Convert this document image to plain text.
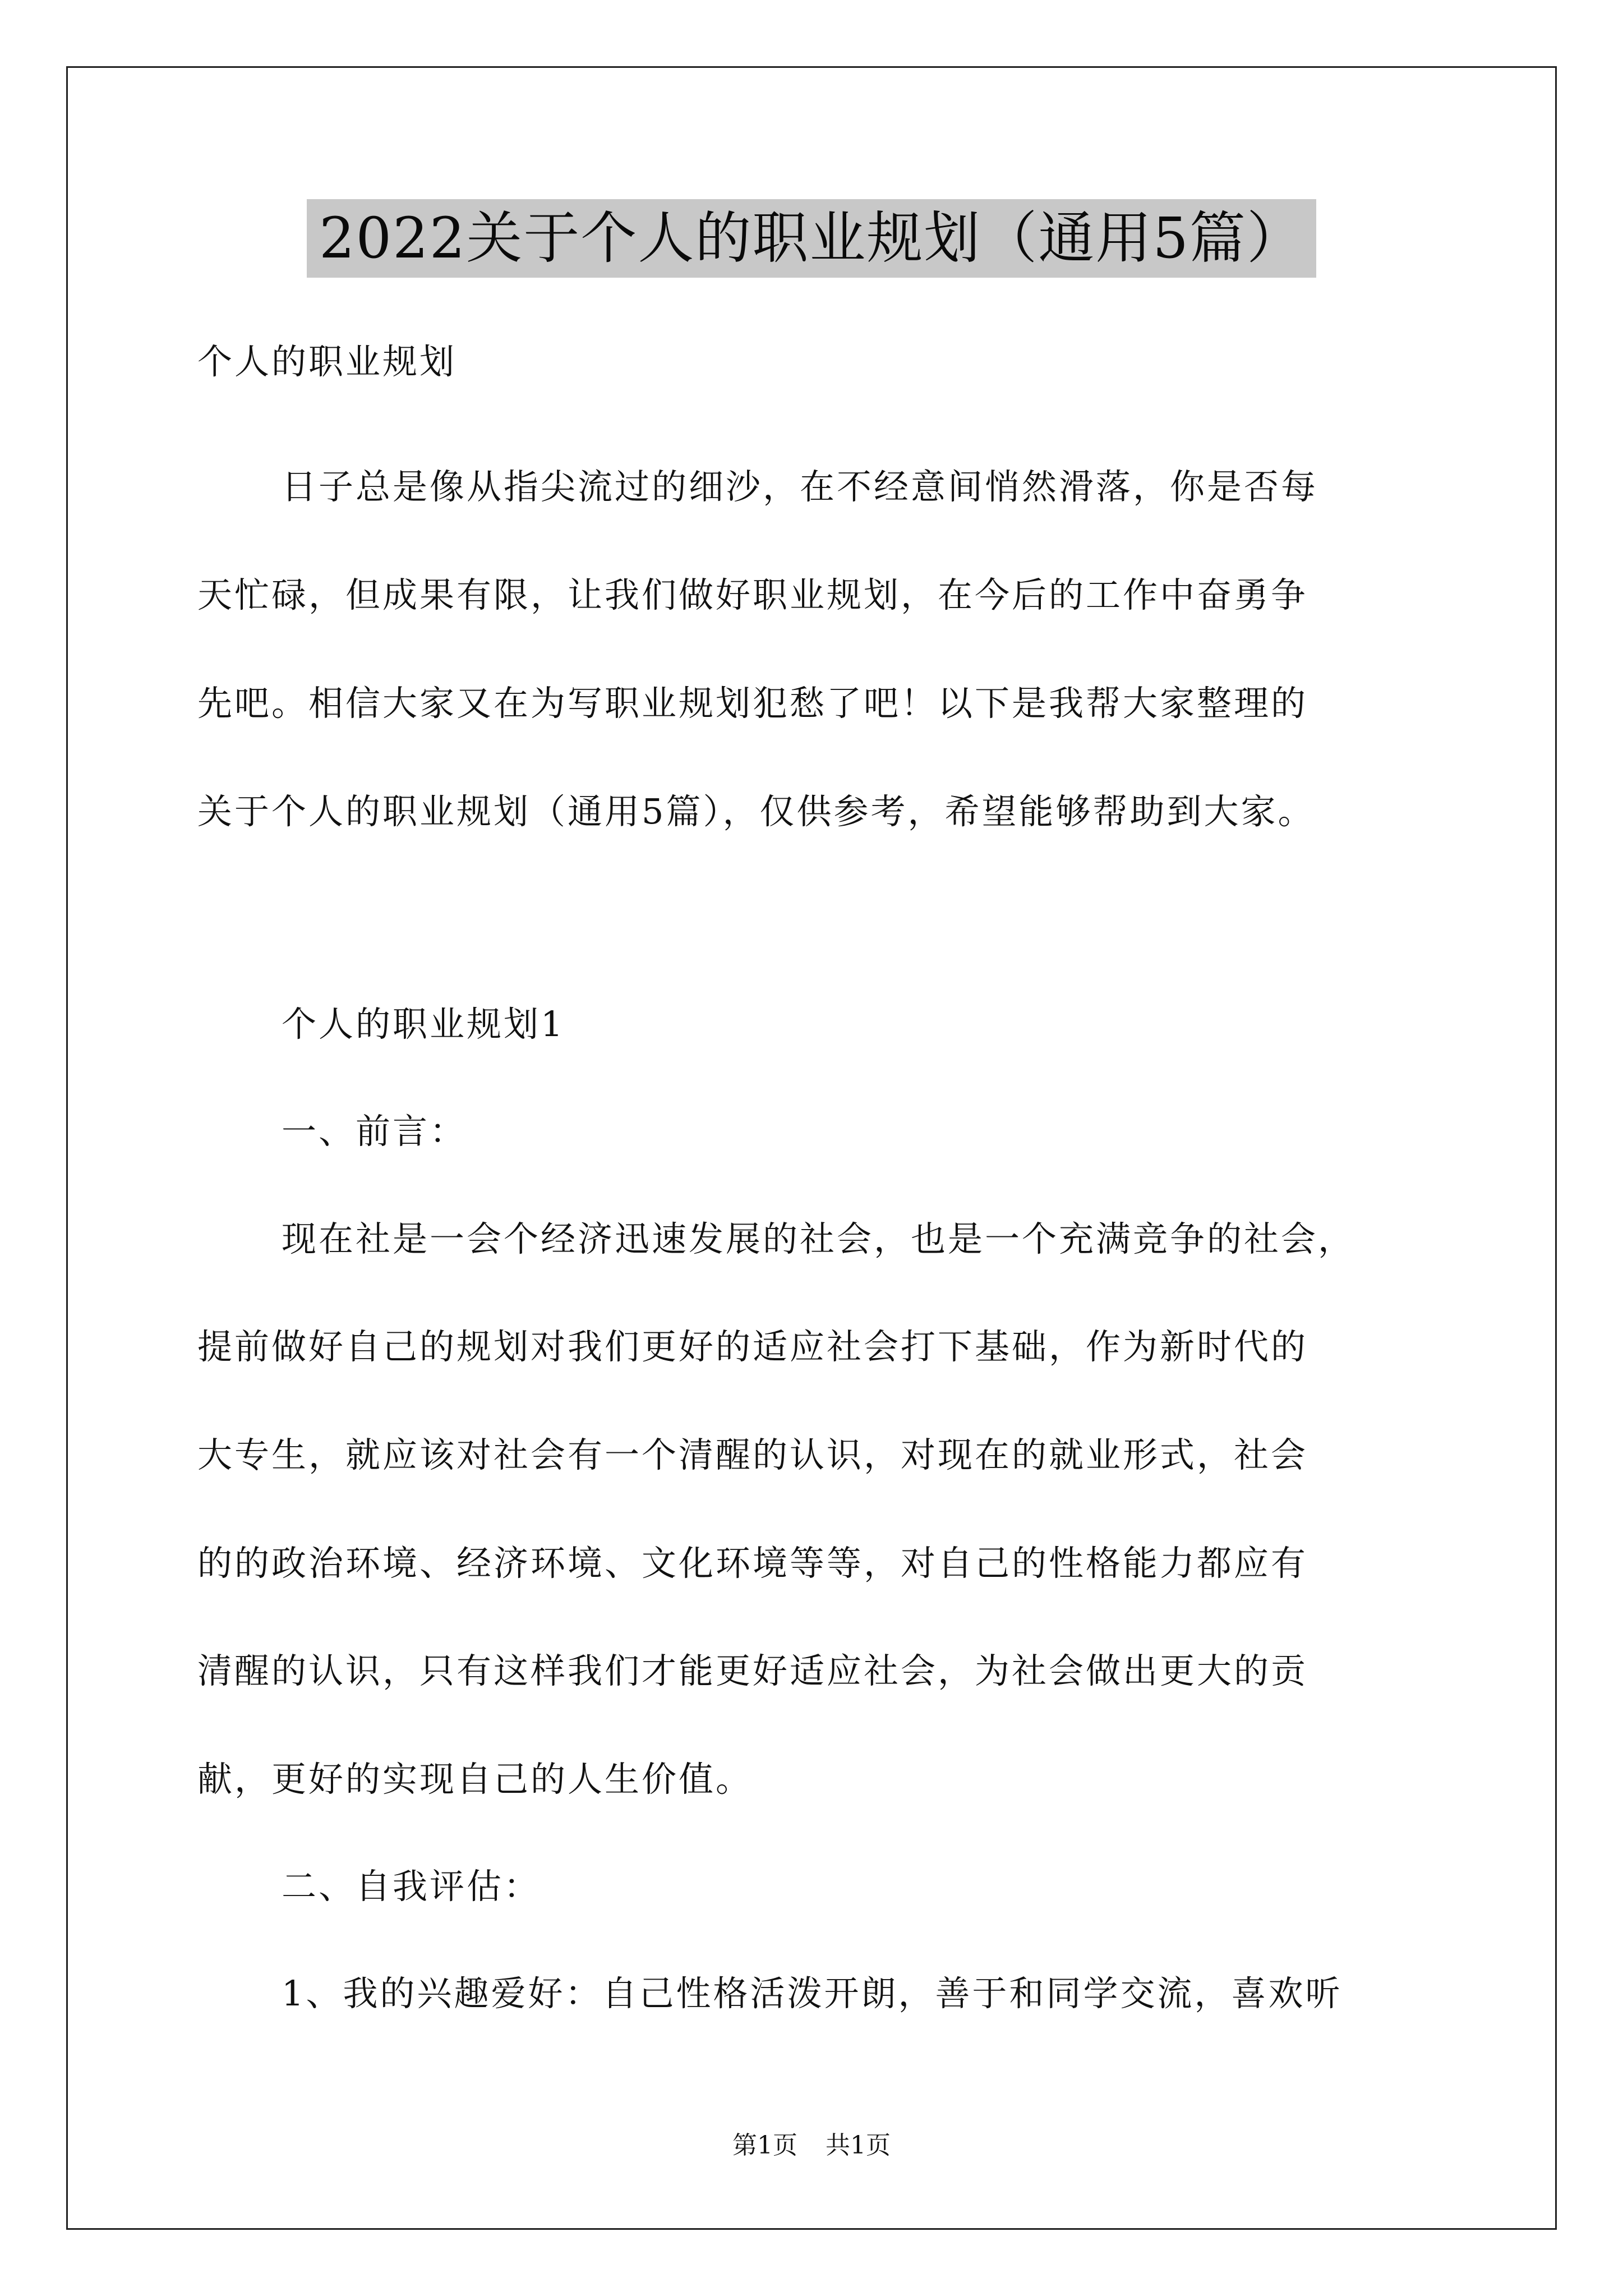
2022关于个人的职业规划（通用5篇）
个人的职业规划
日子总是像从指尖流过的细沙，在不经意间悄然滑落，你是否每
天忙碌，但成果有限，让我们做好职业规划，在今后的工作中奋勇争
先吧。相信大家又在为写职业规划犯愁了吧！以下是我帮大家整理的
关于个人的职业规划（通用5篇），仅供参考，希望能够帮助到大家。
个人的职业规划1
一、前言：
现在社是一会个经济迅速发展的社会，也是一个充满竞争的社会，
提前做好自己的规划对我们更好的适应社会打下基础，作为新时代的
大专生，就应该对社会有一个清醒的认识，对现在的就业形式，社会
的的政治环境、经济环境、文化环境等等，对自己的性格能力都应有
清醒的认识，只有这样我们才能更好适应社会，为社会做出更大的贡
献，更好的实现自己的人生价值。
二、自我评估：
1、我的兴趣爱好：自己性格活泼开朗，善于和同学交流，喜欢听
第1页 共1页
